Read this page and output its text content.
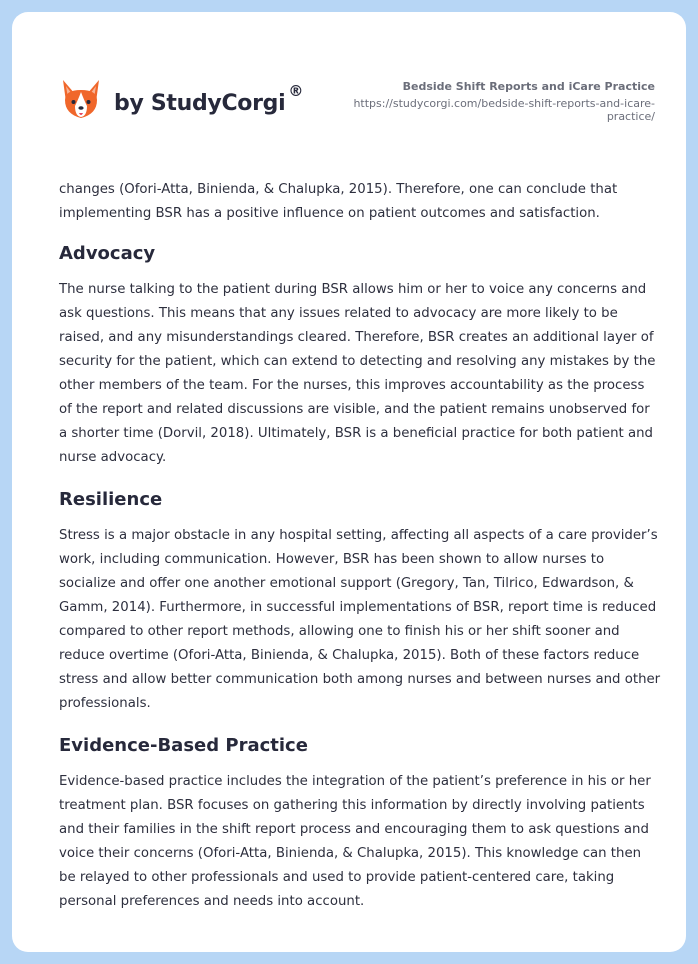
by StudyCorgi ®	Bedside Shift Reports and iCare Practice
https://studycorgi.com/bedside-shift-reports-and-icare-practice/

changes (Ofori-Atta, Binienda, & Chalupka, 2015). Therefore, one can conclude that implementing BSR has a positive influence on patient outcomes and satisfaction.

Advocacy

The nurse talking to the patient during BSR allows him or her to voice any concerns and ask questions. This means that any issues related to advocacy are more likely to be raised, and any misunderstandings cleared. Therefore, BSR creates an additional layer of security for the patient, which can extend to detecting and resolving any mistakes by the other members of the team. For the nurses, this improves accountability as the process of the report and related discussions are visible, and the patient remains unobserved for a shorter time (Dorvil, 2018). Ultimately, BSR is a beneficial practice for both patient and nurse advocacy.

Resilience

Stress is a major obstacle in any hospital setting, affecting all aspects of a care provider’s work, including communication. However, BSR has been shown to allow nurses to socialize and offer one another emotional support (Gregory, Tan, Tilrico, Edwardson, & Gamm, 2014). Furthermore, in successful implementations of BSR, report time is reduced compared to other report methods, allowing one to finish his or her shift sooner and reduce overtime (Ofori-Atta, Binienda, & Chalupka, 2015). Both of these factors reduce stress and allow better communication both among nurses and between nurses and other professionals.

Evidence-Based Practice

Evidence-based practice includes the integration of the patient’s preference in his or her treatment plan. BSR focuses on gathering this information by directly involving patients and their families in the shift report process and encouraging them to ask questions and voice their concerns (Ofori-Atta, Binienda, & Chalupka, 2015). This knowledge can then be relayed to other professionals and used to provide patient-centered care, taking personal preferences and needs into account.
